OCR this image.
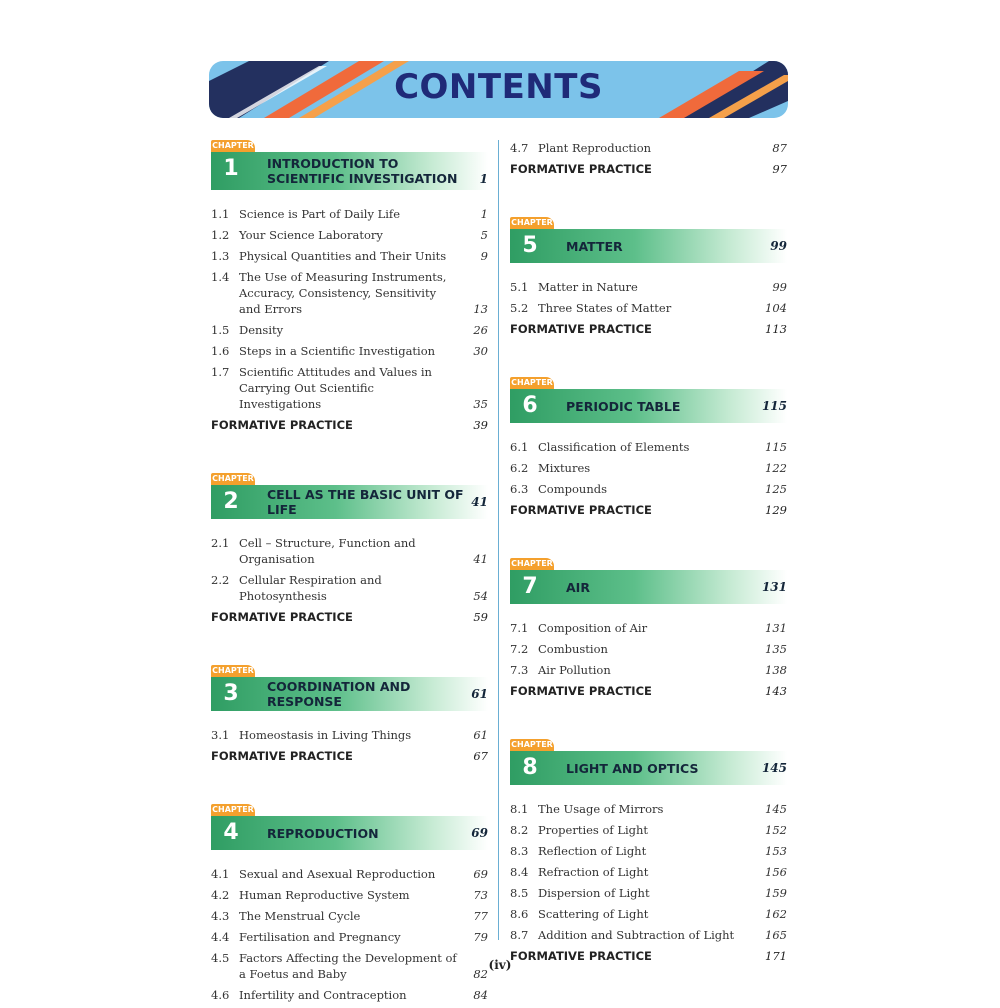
CONTENTS
CHAPTER
1	INTRODUCTION TO SCIENTIFIC INVESTIGATION	1
1.1 Science is Part of Daily Life	1
1.2 Your Science Laboratory	5
1.3 Physical Quantities and Their Units	9
1.4 The Use of Measuring Instruments, Accuracy, Consistency, Sensitivity and Errors	13
1.5 Density	26
1.6 Steps in a Scientific Investigation	30
1.7 Scientific Attitudes and Values in Carrying Out Scientific Investigations	35
FORMATIVE PRACTICE	39
CHAPTER
2	CELL AS THE BASIC UNIT OF LIFE	41
2.1 Cell – Structure, Function and Organisation	41
2.2 Cellular Respiration and Photosynthesis	54
FORMATIVE PRACTICE	59
CHAPTER
3	COORDINATION AND RESPONSE	61
3.1 Homeostasis in Living Things	61
FORMATIVE PRACTICE	67
CHAPTER
4	REPRODUCTION	69
4.1 Sexual and Asexual Reproduction	69
4.2 Human Reproductive System	73
4.3 The Menstrual Cycle	77
4.4 Fertilisation and Pregnancy	79
4.5 Factors Affecting the Development of a Foetus and Baby	82
4.6 Infertility and Contraception	84
4.7 Plant Reproduction	87
FORMATIVE PRACTICE	97
CHAPTER
5	MATTER	99
5.1 Matter in Nature	99
5.2 Three States of Matter	104
FORMATIVE PRACTICE	113
CHAPTER
6	PERIODIC TABLE	115
6.1 Classification of Elements	115
6.2 Mixtures	122
6.3 Compounds	125
FORMATIVE PRACTICE	129
CHAPTER
7	AIR	131
7.1 Composition of Air	131
7.2 Combustion	135
7.3 Air Pollution	138
FORMATIVE PRACTICE	143
CHAPTER
8	LIGHT AND OPTICS	145
8.1 The Usage of Mirrors	145
8.2 Properties of Light	152
8.3 Reflection of Light	153
8.4 Refraction of Light	156
8.5 Dispersion of Light	159
8.6 Scattering of Light	162
8.7 Addition and Subtraction of Light	165
FORMATIVE PRACTICE	171
(iv)
